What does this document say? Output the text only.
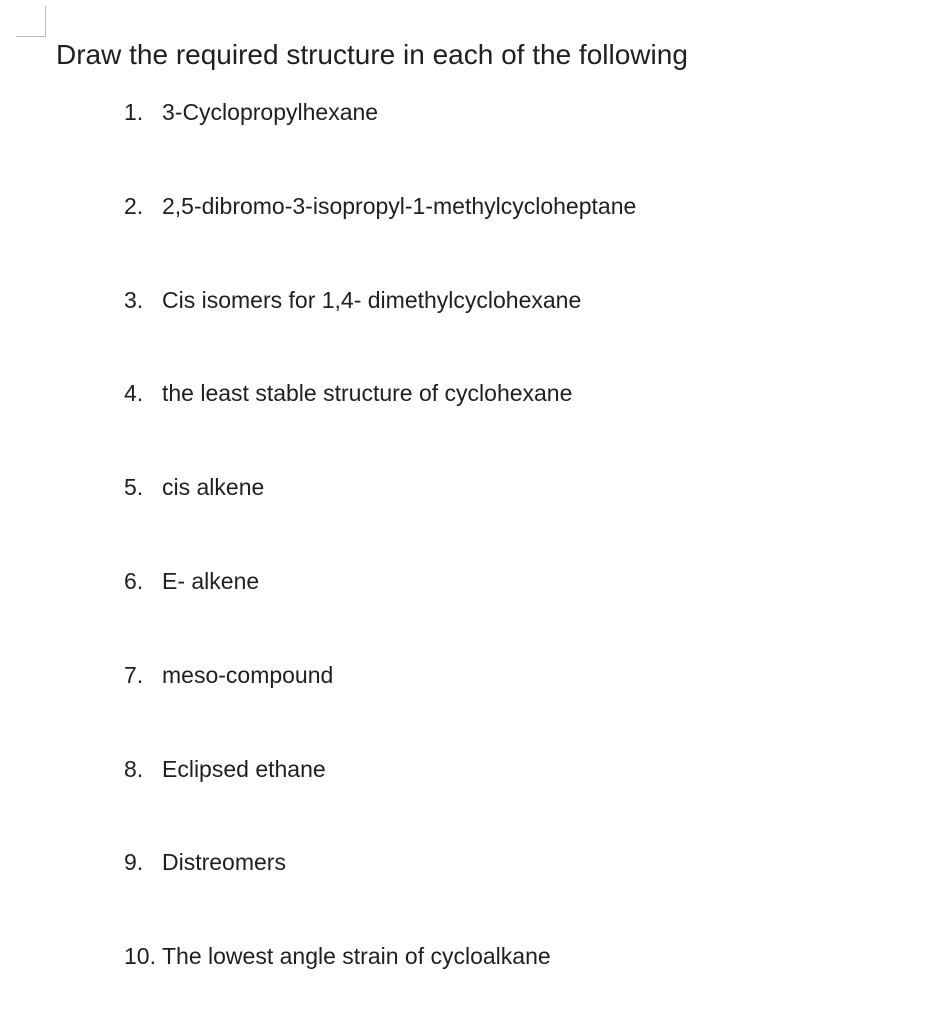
Draw the required structure in each of the following
1. 3-Cyclopropylhexane
2. 2,5-dibromo-3-isopropyl-1-methylcycloheptane
3. Cis isomers for 1,4- dimethylcyclohexane
4. the least stable structure of cyclohexane
5. cis alkene
6. E- alkene
7. meso-compound
8. Eclipsed ethane
9. Distreomers
10. The lowest angle strain of cycloalkane
